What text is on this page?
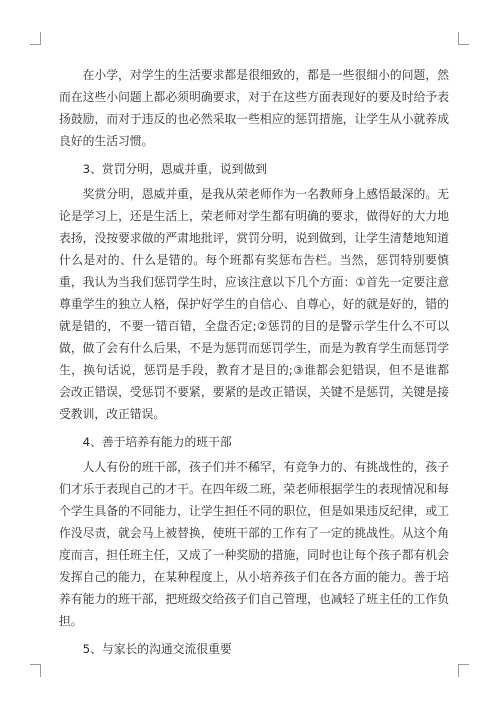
在小学，对学生的生活要求都是很细致的，都是一些很细小的问题，然而在这些小问题上都必须明确要求，对于在这些方面表现好的要及时给予表扬鼓励，而对于违反的也必然采取一些相应的惩罚措施，让学生从小就养成良好的生活习惯。

3、赏罚分明，恩威并重，说到做到

奖赏分明，恩威并重，是我从荣老师作为一名教师身上感悟最深的。无论是学习上，还是生活上，荣老师对学生都有明确的要求，做得好的大力地表扬，没按要求做的严肃地批评，赏罚分明，说到做到，让学生清楚地知道什么是对的、什么是错的。每个班都有奖惩布告栏。当然，惩罚特别要慎重，我认为当我们惩罚学生时，应该注意以下几个方面：①首先一定要注意尊重学生的独立人格，保护好学生的自信心、自尊心，好的就是好的，错的就是错的，不要一错百错，全盘否定;②惩罚的目的是警示学生什么不可以做，做了会有什么后果，不是为惩罚而惩罚学生，而是为教育学生而惩罚学生，换句话说，惩罚是手段，教育才是目的;③谁都会犯错误，但不是谁都会改正错误，受惩罚不要紧，要紧的是改正错误，关键不是惩罚，关键是接受教训，改正错误。

4、善于培养有能力的班干部

人人有份的班干部，孩子们并不稀罕，有竞争力的、有挑战性的，孩子们才乐于表现自己的才干。在四年级二班，荣老师根据学生的表现情况和每个学生具备的不同能力，让学生担任不同的职位，但是如果违反纪律，或工作没尽责，就会马上被替换，使班干部的工作有了一定的挑战性。从这个角度而言，担任班主任，又成了一种奖励的措施，同时也让每个孩子都有机会发挥自己的能力，在某种程度上，从小培养孩子们在各方面的能力。善于培养有能力的班干部，把班级交给孩子们自己管理，也减轻了班主任的工作负担。

5、与家长的沟通交流很重要
